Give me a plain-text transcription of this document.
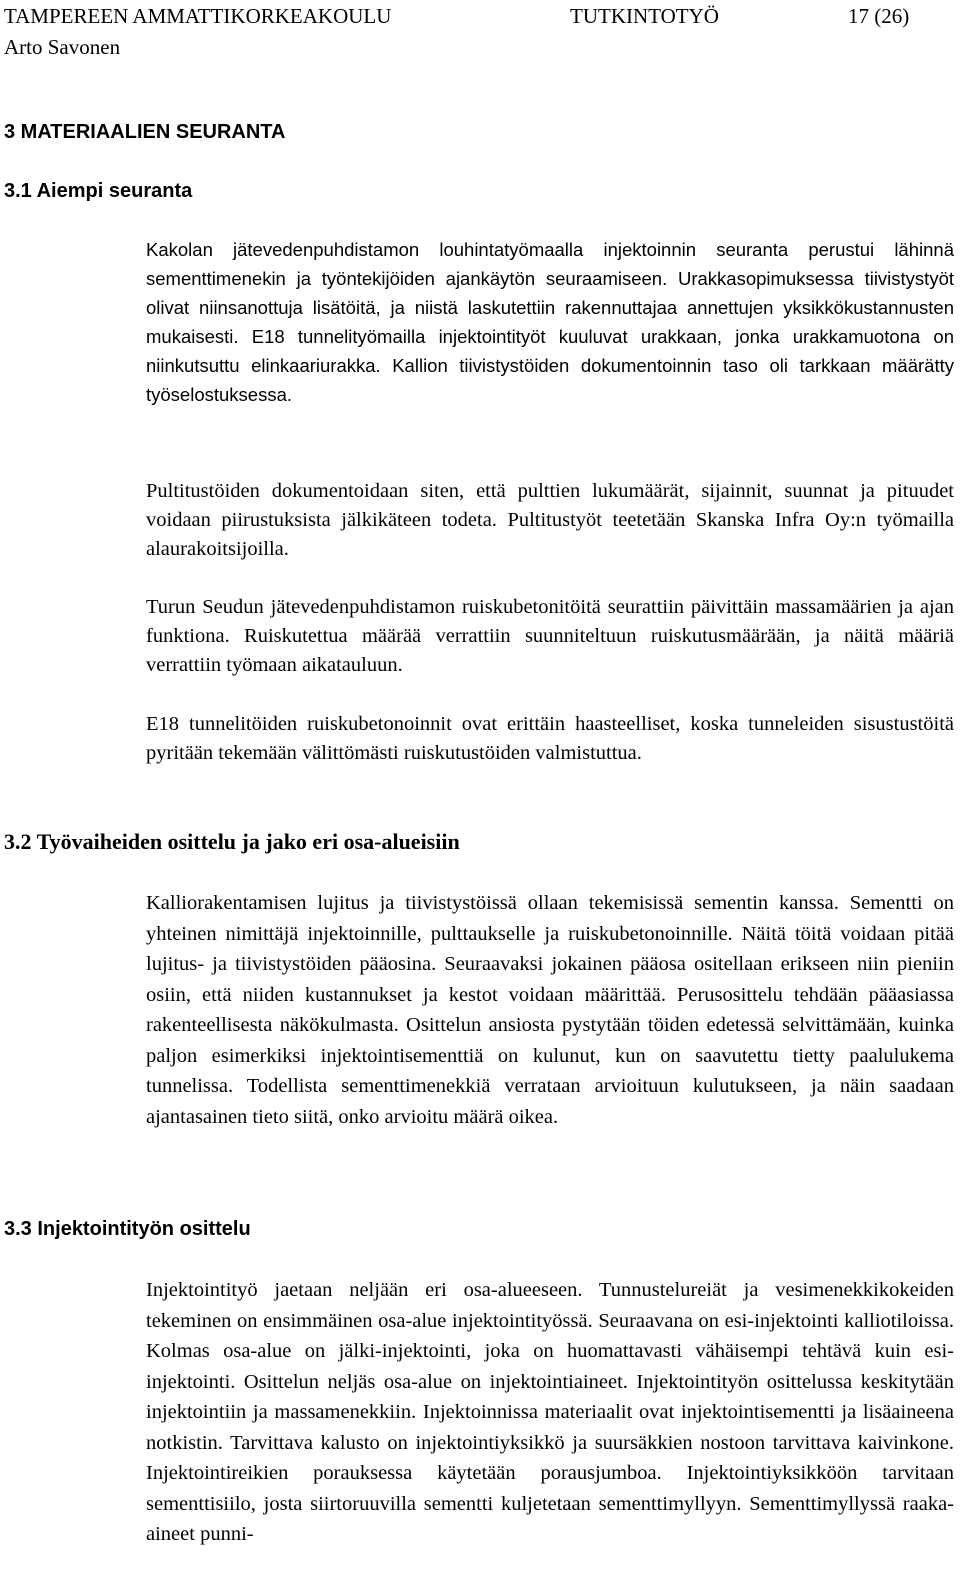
TAMPEREEN AMMATTIKORKEAKOULU	TUTKINTOTYÖ	17 (26)
Arto Savonen
3 MATERIAALIEN SEURANTA
3.1 Aiempi seuranta
Kakolan jätevedenpuhdistamon louhintatyömaalla injektoinnin seuranta perustui lähinnä sementtimenekin ja työntekijöiden ajankäytön seuraamiseen. Urakkasopimuksessa tiivistystyöt olivat niinsanottuja lisätöitä, ja niistä laskutettiin rakennuttajaa annettujen yksikkökustannusten mukaisesti. E18 tunnelityömailla injektointityöt kuuluvat urakkaan, jonka urakkamuotona on niinkutsuttu elinkaariurakka. Kallion tiivistystöiden dokumentoinnin taso oli tarkkaan määrätty työselostuksessa.
Pultitustöiden dokumentoidaan siten, että pulttien lukumäärät, sijainnit, suunnat ja pituudet voidaan piirustuksista jälkikäteen todeta. Pultitustyöt teetetään Skanska Infra Oy:n työmailla alaurakoitsijoilla.
Turun Seudun jätevedenpuhdistamon ruiskubetonitöitä seurattiin päivittäin massamäärien ja ajan funktiona. Ruiskutettua määrää verrattiin suunniteltuun ruiskutusmäärään, ja näitä määriä verrattiin työmaan aikatauluun.
E18 tunnelitöiden ruiskubetonoinnit ovat erittäin haasteelliset, koska tunneleiden sisustustöitä pyritään tekemään välittömästi ruiskutustöiden valmistuttua.
3.2 Työvaiheiden osittelu ja jako eri osa-alueisiin
Kalliorakentamisen lujitus ja tiivistystöissä ollaan tekemisissä sementin kanssa. Sementti on yhteinen nimittäjä injektoinnille, pulttaukselle ja ruiskubetonoinnille. Näitä töitä voidaan pitää lujitus- ja tiivistystöiden pääosina. Seuraavaksi jokainen pääosa ositellaan erikseen niin pieniin osiin, että niiden kustannukset ja kestot voidaan määrittää. Perusosittelu tehdään pääasiassa rakenteellisesta näkökulmasta. Osittelun ansiosta pystytään töiden edetessä selvittämään, kuinka paljon esimerkiksi injektointisementtiä on kulunut, kun on saavutettu tietty paalulukema tunnelissa. Todellista sementtimenekkiä verrataan arvioituun kulutukseen, ja näin saadaan ajantasainen tieto siitä, onko arvioitu määrä oikea.
3.3 Injektointityön osittelu
Injektointityö jaetaan neljään eri osa-alueeseen. Tunnustelureiät ja vesimenekkikokeiden tekeminen on ensimmäinen osa-alue injektointityössä. Seuraavana on esi-injektointi kalliotiloissa. Kolmas osa-alue on jälki-injektointi, joka on huomattavasti vähäisempi tehtävä kuin esi-injektointi. Osittelun neljäs osa-alue on injektointiaineet. Injektointityön osittelussa keskitytään injektointiin ja massamenekkiin. Injektoinnissa materiaalit ovat injektointisementti ja lisäaineena notkistin. Tarvittava kalusto on injektointiyksikkö ja suursäkkien nostoon tarvittava kaivinkone. Injektointireikien porauksessa käytetään porausjumboa. Injektointiyksikköön tarvitaan sementtisiilo, josta siirtoruuvilla sementti kuljetetaan sementtimyllyyn. Sementtimyllyssä raaka-aineet punni-
